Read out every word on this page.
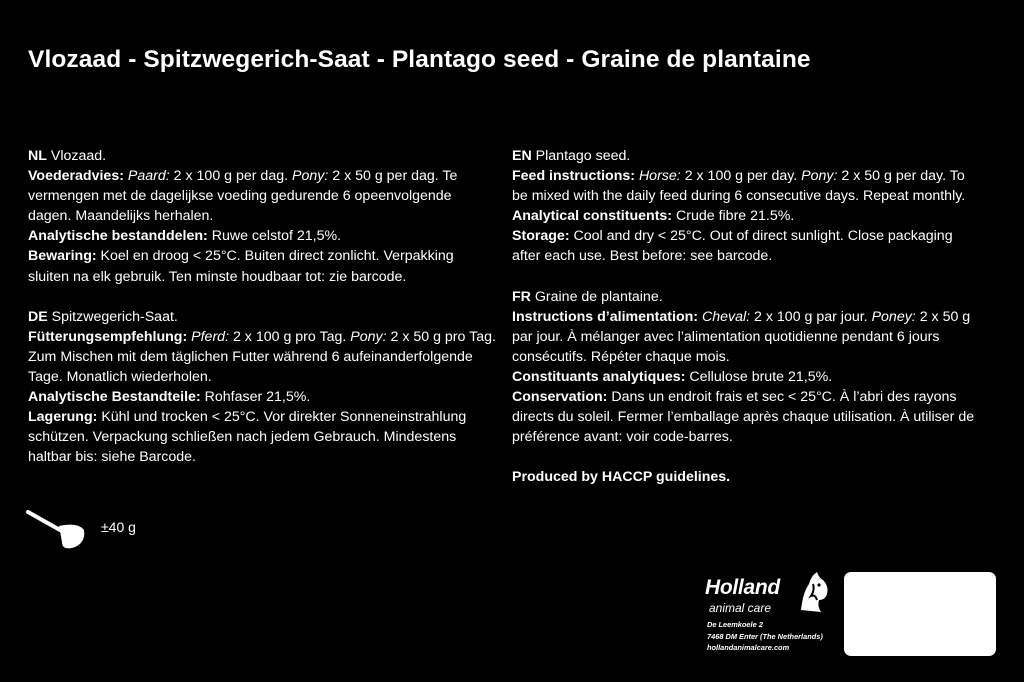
Vlozaad - Spitzwegerich-Saat - Plantago seed - Graine de plantaine

NL Vlozaad.
Voederadvies: Paard: 2 x 100 g per dag. Pony: 2 x 50 g per dag. Te vermengen met de dagelijkse voeding gedurende 6 opeenvolgende dagen. Maandelijks herhalen.
Analytische bestanddelen: Ruwe celstof 21,5%.
Bewaring: Koel en droog < 25°C. Buiten direct zonlicht. Verpakking sluiten na elk gebruik. Ten minste houdbaar tot: zie barcode.

DE Spitzwegerich-Saat.
Fütterungsempfehlung: Pferd: 2 x 100 g pro Tag. Pony: 2 x 50 g pro Tag. Zum Mischen mit dem täglichen Futter während 6 aufeinanderfolgende Tage. Monatlich wiederholen.
Analytische Bestandteile: Rohfaser 21,5%.
Lagerung: Kühl und trocken < 25°C. Vor direkter Sonneneinstrahlung schützen. Verpackung schließen nach jedem Gebrauch. Mindestens haltbar bis: siehe Barcode.

EN Plantago seed.
Feed instructions: Horse: 2 x 100 g per day. Pony: 2 x 50 g per day. To be mixed with the daily feed during 6 consecutive days. Repeat monthly.
Analytical constituents: Crude fibre 21.5%.
Storage: Cool and dry < 25°C. Out of direct sunlight. Close packaging after each use. Best before: see barcode.

FR Graine de plantaine.
Instructions d’alimentation: Cheval: 2 x 100 g par jour. Poney: 2 x 50 g par jour. À mélanger avec l’alimentation quotidienne pendant 6 jours consécutifs. Répéter chaque mois.
Constituants analytiques: Cellulose brute 21,5%.
Conservation: Dans un endroit frais et sec < 25°C. À l’abri des rayons directs du soleil. Fermer l’emballage après chaque utilisation. À utiliser de préférence avant: voir code-barres.

Produced by HACCP guidelines.

±40 g
Holland
animal care
De Leemkoele 2
7468 DM Enter (The Netherlands)
hollandanimalcare.com
